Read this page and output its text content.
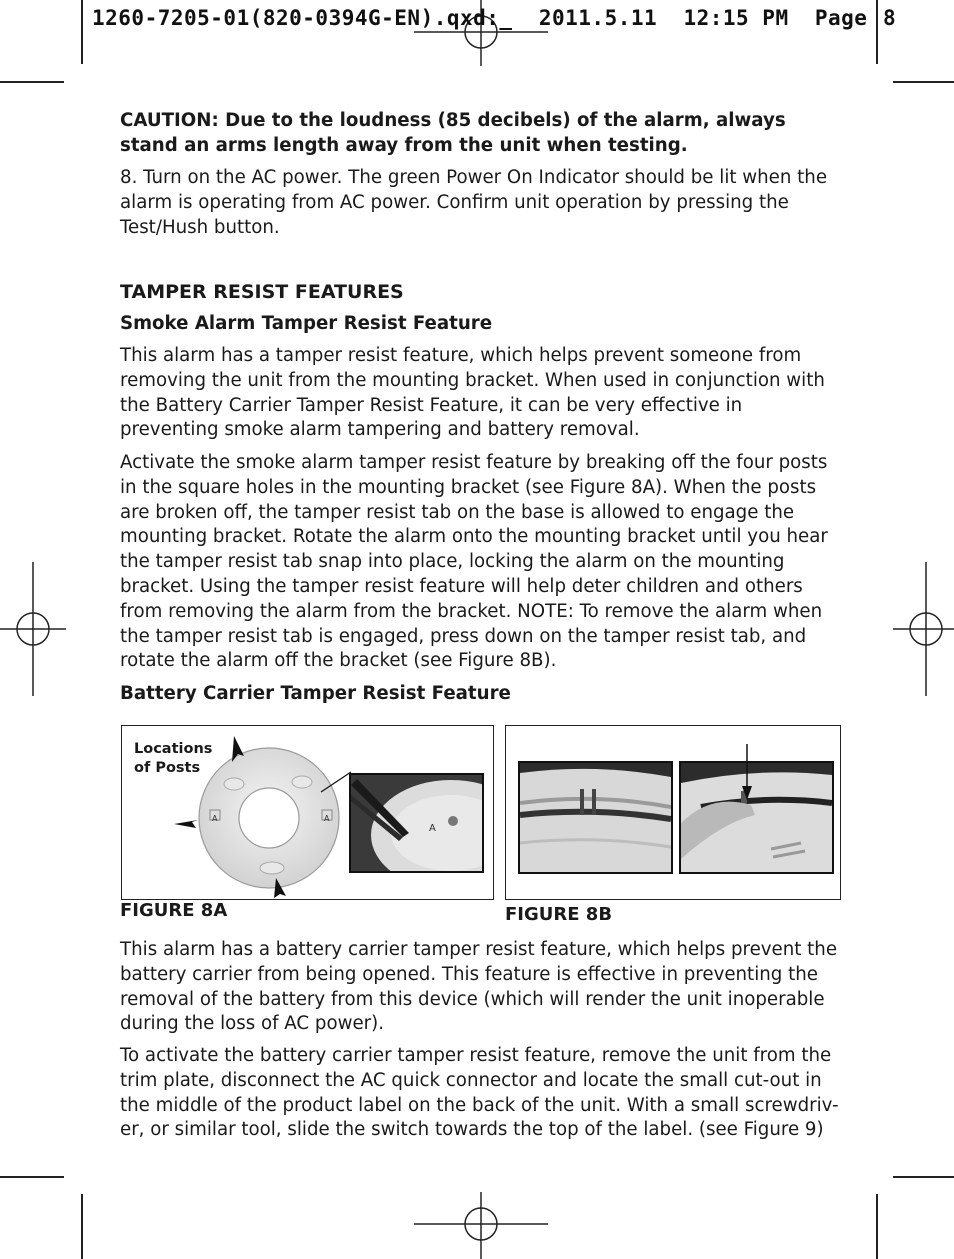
1260-7205-01(820-0394G-EN).qxd:_  2011.5.11  12:15 PM  Page 8

CAUTION: Due to the loudness (85 decibels) of the alarm, always stand an arms length away from the unit when testing.

8. Turn on the AC power. The green Power On Indicator should be lit when the alarm is operating from AC power. Confirm unit operation by pressing the Test/Hush button.

TAMPER RESIST FEATURES

Smoke Alarm Tamper Resist Feature

This alarm has a tamper resist feature, which helps prevent someone from removing the unit from the mounting bracket. When used in conjunction with the Battery Carrier Tamper Resist Feature, it can be very effective in preventing smoke alarm tampering and battery removal.

Activate the smoke alarm tamper resist feature by breaking off the four posts in the square holes in the mounting bracket (see Figure 8A). When the posts are broken off, the tamper resist tab on the base is allowed to engage the mounting bracket. Rotate the alarm onto the mounting bracket until you hear the tamper resist tab snap into place, locking the alarm on the mounting bracket. Using the tamper resist feature will help deter children and others from removing the alarm from the bracket. NOTE: To remove the alarm when the tamper resist tab is engaged, press down on the tamper resist tab, and rotate the alarm off the bracket (see Figure 8B).

Battery Carrier Tamper Resist Feature

Locations
of Posts
A	A
A
FIGURE 8A	FIGURE 8B

This alarm has a battery carrier tamper resist feature, which helps prevent the battery carrier from being opened. This feature is effective in preventing the removal of the battery from this device (which will render the unit inoperable during the loss of AC power).

To activate the battery carrier tamper resist feature, remove the unit from the trim plate, disconnect the AC quick connector and locate the small cut-out in the middle of the product label on the back of the unit. With a small screwdriv-er, or similar tool, slide the switch towards the top of the label. (see Figure 9)
